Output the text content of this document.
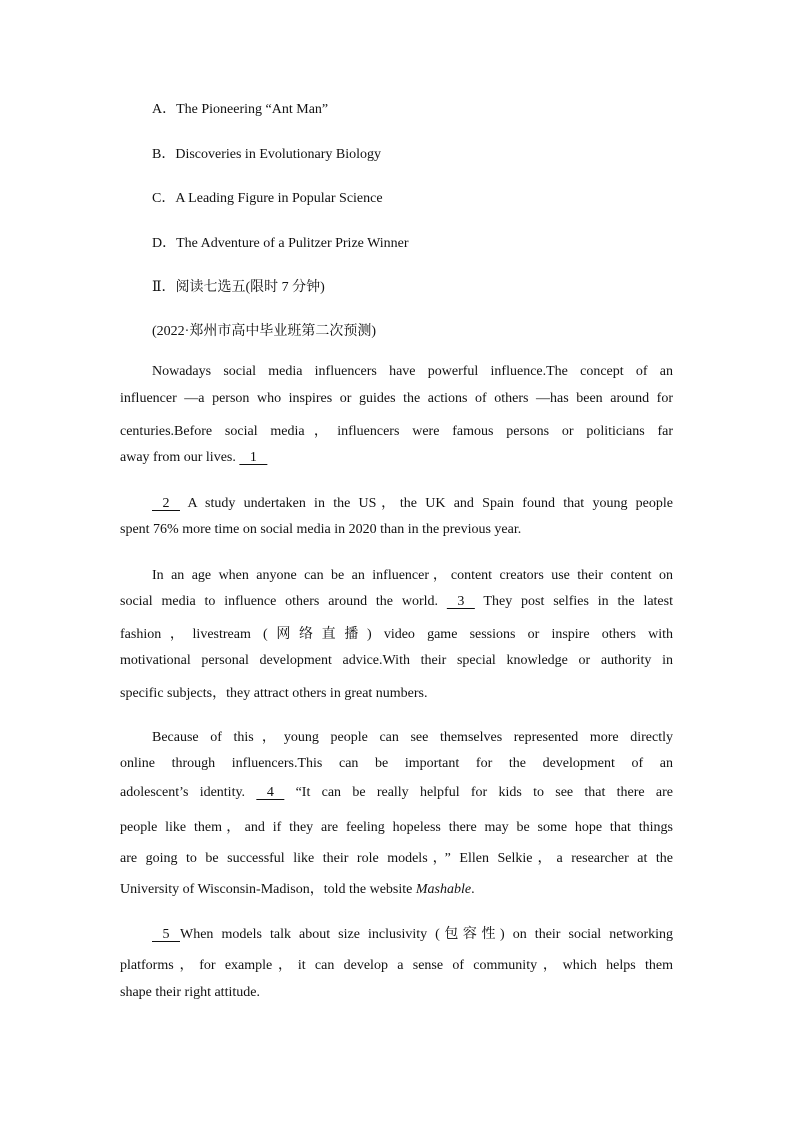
A．The Pioneering “Ant Man”
B．Discoveries in Evolutionary Biology
C．A Leading Figure in Popular Science
D．The Adventure of a Pulitzer Prize Winner
Ⅱ．阅读七选五(限时 7 分钟)
(2022·郑州市高中毕业班第二次预测)
Nowadays social media influencers have powerful influence.The concept of an
influencer —a person who inspires or guides the actions of others —has been around for
centuries.Before social media，influencers were famous persons or politicians far
away from our lives.    1
2    A study undertaken in the US，the UK and Spain found that young people
spent 76% more time on social media in 2020 than in the previous year.
In an age when anyone can be an influencer，content creators use their content on
social media to influence others around the world.    3    They post selfies in the latest
fashion，livestream (网络直播) video game sessions or inspire others with
motivational personal development advice.With their special knowledge or authority in
specific subjects，they attract others in great numbers.
Because of this，young people can see themselves represented more directly
online through influencers.This can be important for the development of an
adolescent’s identity.    4    “It can be really helpful for kids to see that there are
people like them，and if they are feeling hopeless there may be some hope that things
are going to be successful like their role models，” Ellen Selkie，a researcher at the
University of Wisconsin-Madison，told the website Mashable.
5   When models talk about size inclusivity (包容性) on their social networking
platforms，for example，it can develop a sense of community，which helps them
shape their right attitude.
